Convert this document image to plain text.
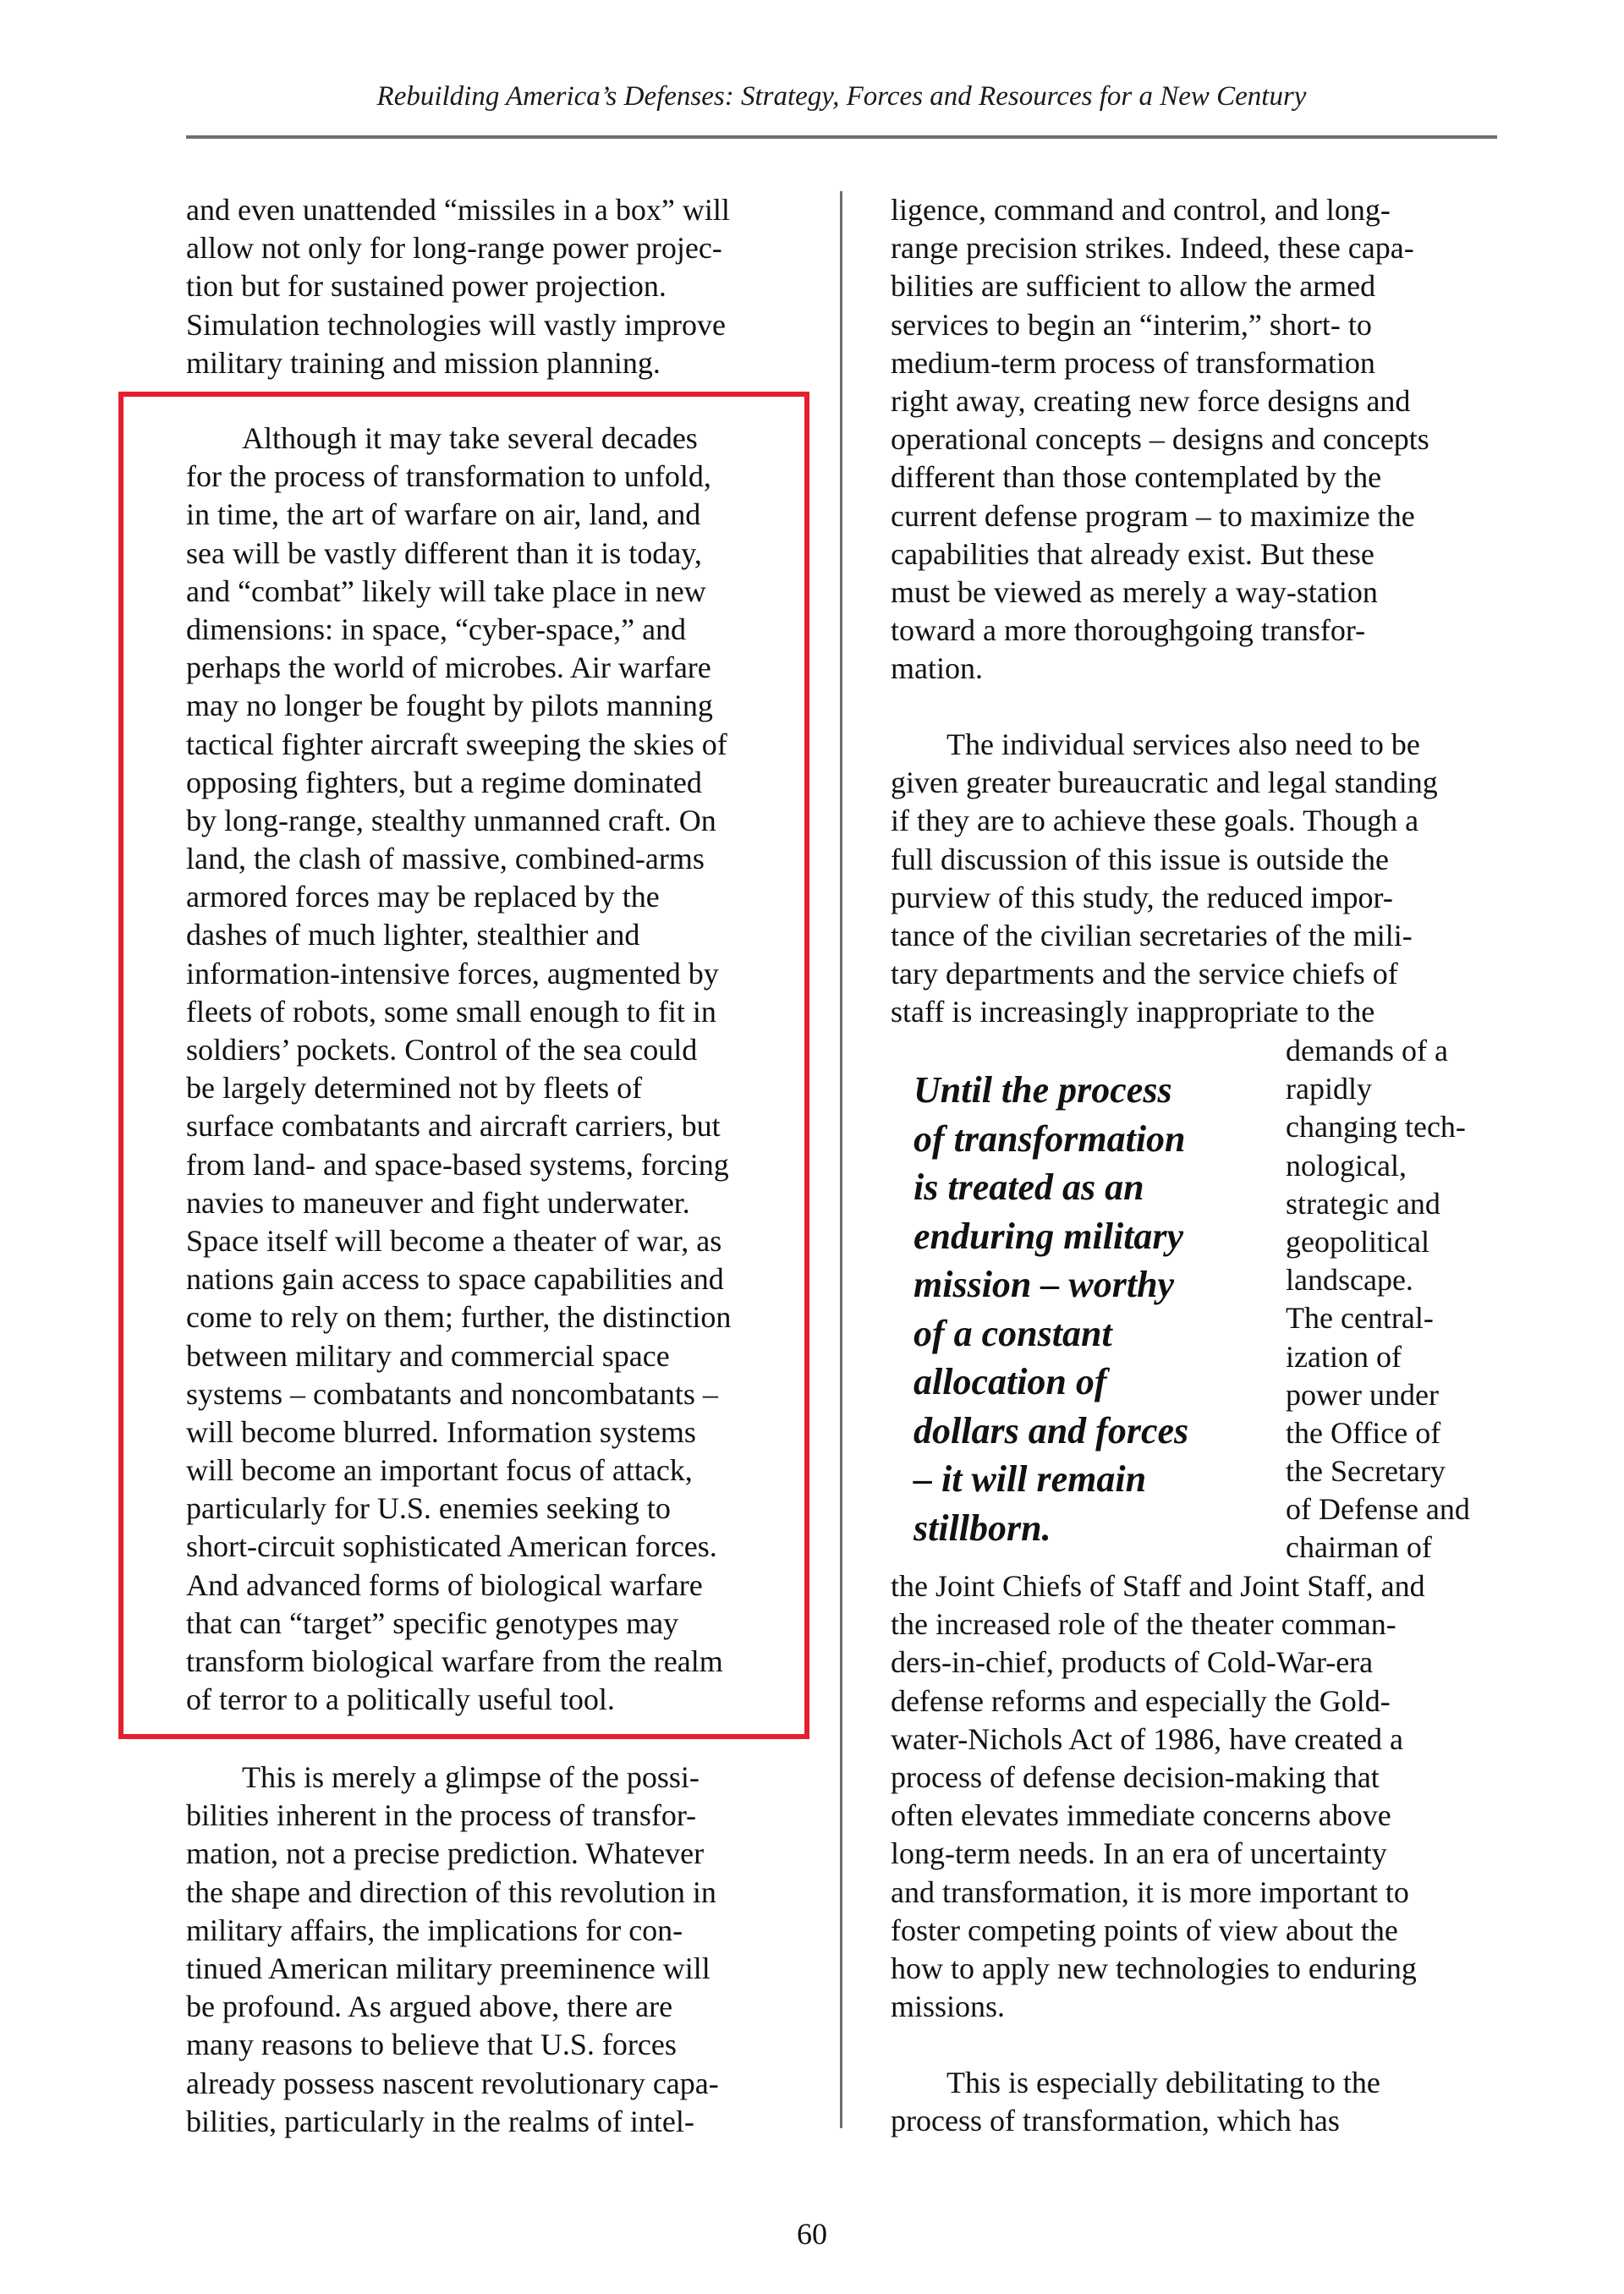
Rebuilding America’s Defenses: Strategy, Forces and Resources for a New Century
and even unattended “missiles in a box” will
allow not only for long-range power projec-
tion but for sustained power projection.
Simulation technologies will vastly improve
military training and mission planning.
Although it may take several decades
for the process of transformation to unfold,
in time, the art of warfare on air, land, and
sea will be vastly different than it is today,
and “combat” likely will take place in new
dimensions: in space, “cyber-space,” and
perhaps the world of microbes. Air warfare
may no longer be fought by pilots manning
tactical fighter aircraft sweeping the skies of
opposing fighters, but a regime dominated
by long-range, stealthy unmanned craft. On
land, the clash of massive, combined-arms
armored forces may be replaced by the
dashes of much lighter, stealthier and
information-intensive forces, augmented by
fleets of robots, some small enough to fit in
soldiers’ pockets. Control of the sea could
be largely determined not by fleets of
surface combatants and aircraft carriers, but
from land- and space-based systems, forcing
navies to maneuver and fight underwater.
Space itself will become a theater of war, as
nations gain access to space capabilities and
come to rely on them; further, the distinction
between military and commercial space
systems – combatants and noncombatants –
will become blurred. Information systems
will become an important focus of attack,
particularly for U.S. enemies seeking to
short-circuit sophisticated American forces.
And advanced forms of biological warfare
that can “target” specific genotypes may
transform biological warfare from the realm
of terror to a politically useful tool.
This is merely a glimpse of the possi-
bilities inherent in the process of transfor-
mation, not a precise prediction. Whatever
the shape and direction of this revolution in
military affairs, the implications for con-
tinued American military preeminence will
be profound. As argued above, there are
many reasons to believe that U.S. forces
already possess nascent revolutionary capa-
bilities, particularly in the realms of intel-
ligence, command and control, and long-
range precision strikes. Indeed, these capa-
bilities are sufficient to allow the armed
services to begin an “interim,” short- to
medium-term process of transformation
right away, creating new force designs and
operational concepts – designs and concepts
different than those contemplated by the
current defense program – to maximize the
capabilities that already exist. But these
must be viewed as merely a way-station
toward a more thoroughgoing transfor-
mation.
The individual services also need to be
given greater bureaucratic and legal standing
if they are to achieve these goals. Though a
full discussion of this issue is outside the
purview of this study, the reduced impor-
tance of the civilian secretaries of the mili-
tary departments and the service chiefs of
staff is increasingly inappropriate to the
Until the process
of transformation
is treated as an
enduring military
mission – worthy
of a constant
allocation of
dollars and forces
– it will remain
stillborn.
demands of a
rapidly
changing tech-
nological,
strategic and
geopolitical
landscape.
The central-
ization of
power under
the Office of
the Secretary
of Defense and
chairman of
the Joint Chiefs of Staff and Joint Staff, and
the increased role of the theater comman-
ders-in-chief, products of Cold-War-era
defense reforms and especially the Gold-
water-Nichols Act of 1986, have created a
process of defense decision-making that
often elevates immediate concerns above
long-term needs. In an era of uncertainty
and transformation, it is more important to
foster competing points of view about the
how to apply new technologies to enduring
missions.
This is especially debilitating to the
process of transformation, which has
60
